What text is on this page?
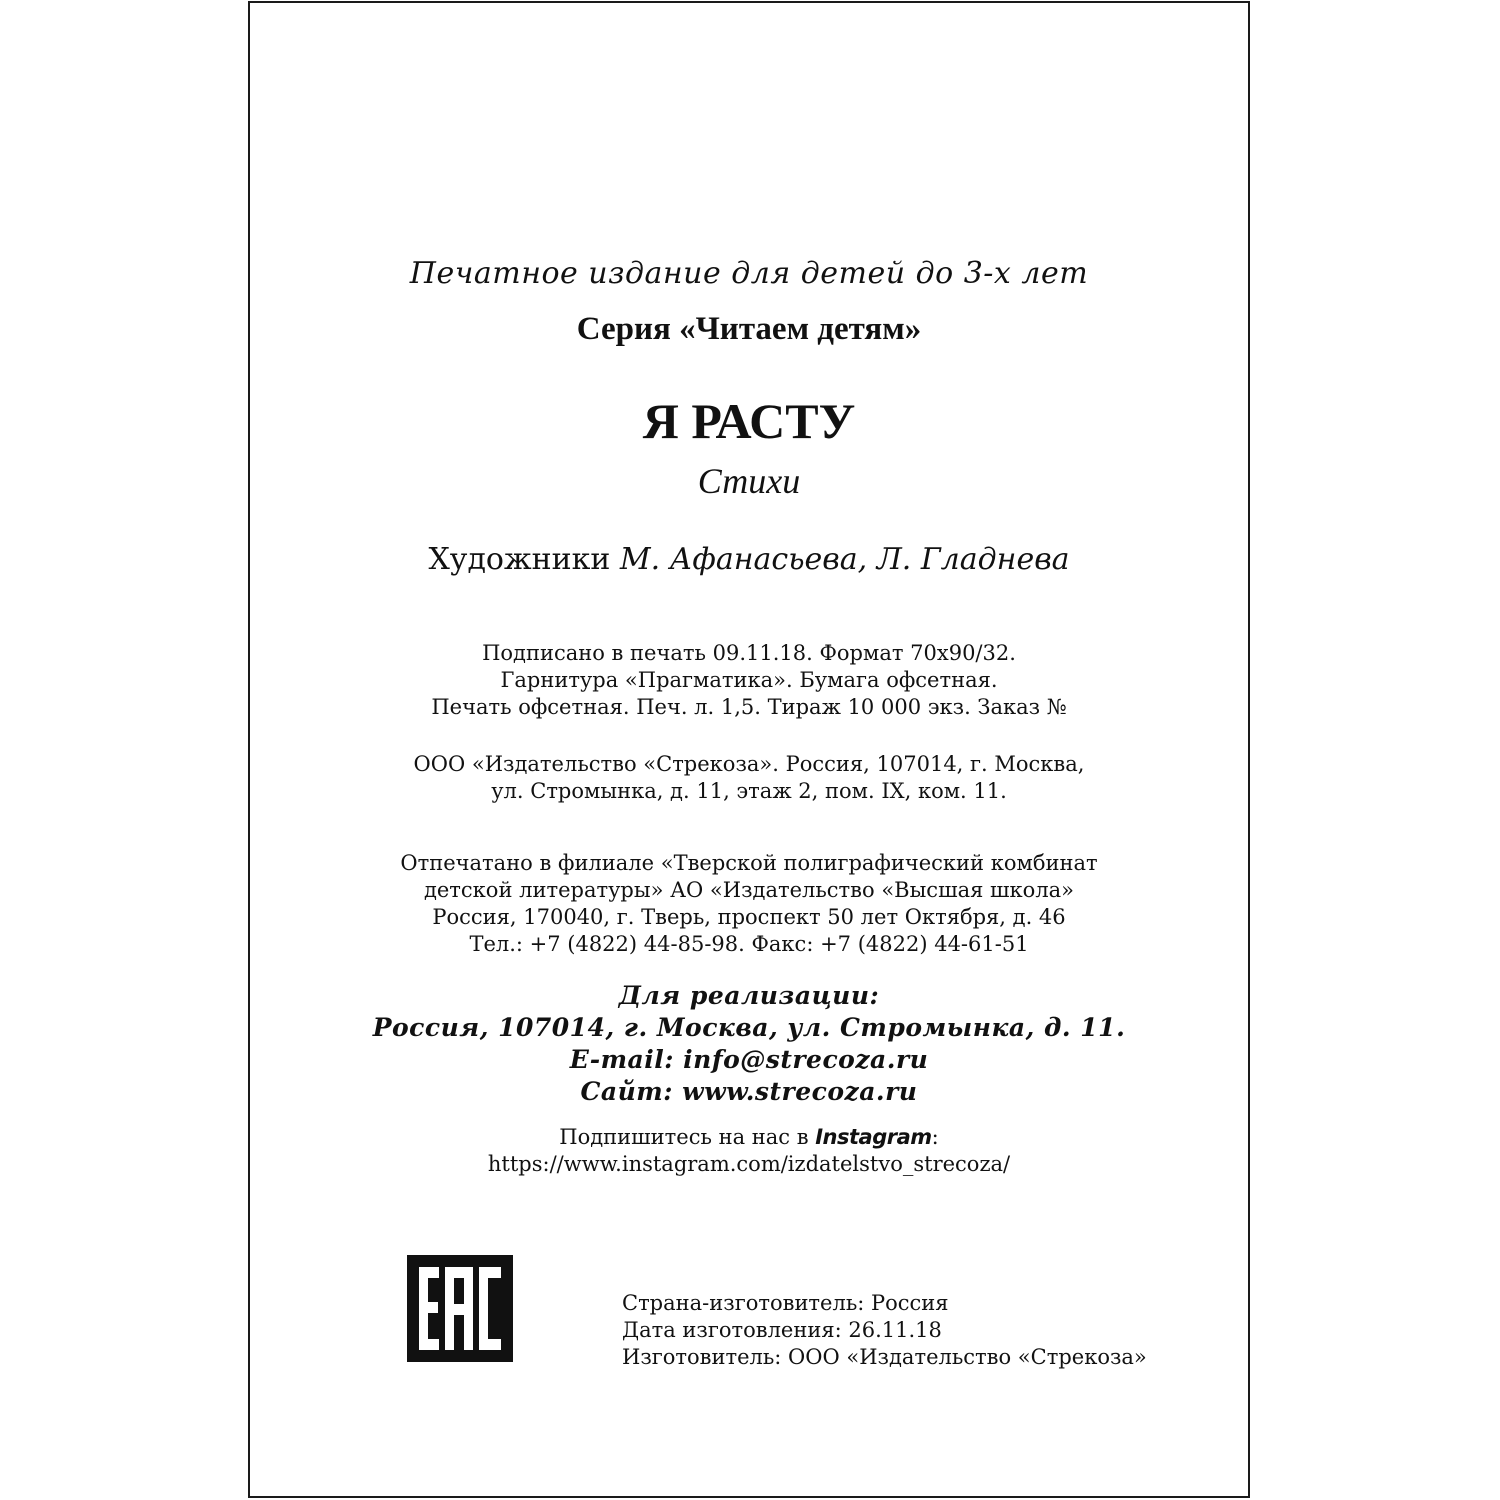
Печатное издание для детей до 3-х лет
Серия «Читаем детям»
Я РАСТУ
Стихи
Художники М. Афанасьева, Л. Гладнева
Подписано в печать 09.11.18. Формат 70x90/32.
Гарнитура «Прагматика». Бумага офсетная.
Печать офсетная. Печ. л. 1,5. Тираж 10 000 экз. Заказ №
ООО «Издательство «Стрекоза». Россия, 107014, г. Москва,
ул. Стромынка, д. 11, этаж 2, пом. IX, ком. 11.
Отпечатано в филиале «Тверской полиграфический комбинат
детской литературы» АО «Издательство «Высшая школа»
Россия, 170040, г. Тверь, проспект 50 лет Октября, д. 46
Тел.: +7 (4822) 44-85-98. Факс: +7 (4822) 44-61-51
Для реализации:
Россия, 107014, г. Москва, ул. Стромынка, д. 11.
E-mail: info@strecoza.ru
Сайт: www.strecoza.ru
Подпишитесь на нас в Instagram:
https://www.instagram.com/izdatelstvo_strecoza/
Страна-изготовитель: Россия
Дата изготовления: 26.11.18
Изготовитель: ООО «Издательство «Стрекоза»
